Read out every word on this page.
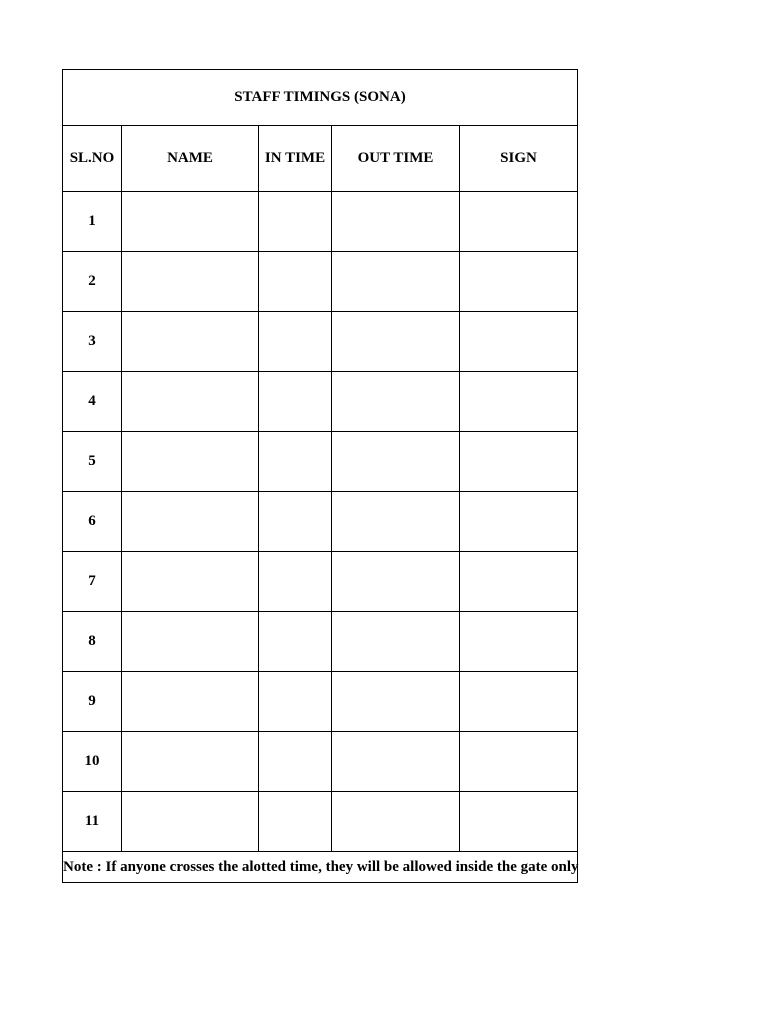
STAFF TIMINGS (SONA)				
SL.NO	NAME	IN TIME	OUT TIME	SIGN
1				
2				
3				
4				
5				
6				
7				
8				
9				
10				
11				
Note : If anyone crosses the alotted time, they will be allowed inside the gate only				
